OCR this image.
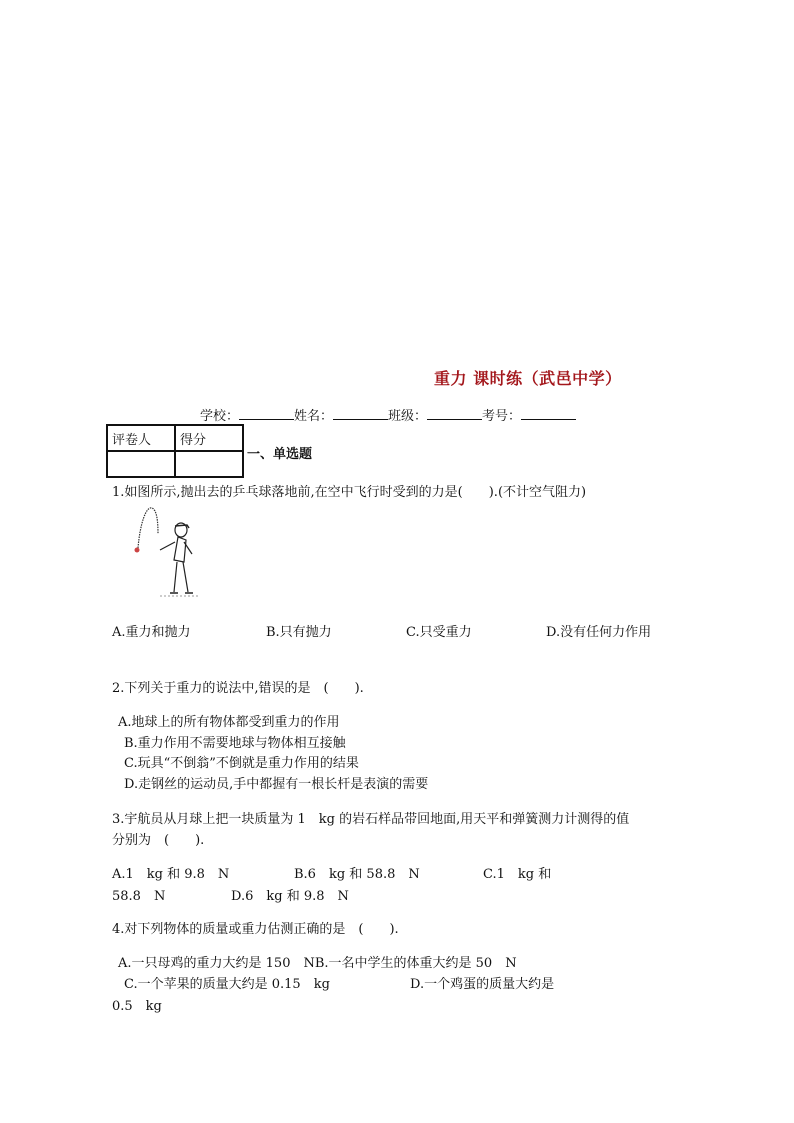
重力 课时练（武邑中学）
学校：	姓名：	班级：	考号：
评卷人	得分

一、单选题
1.如图所示,抛出去的乒乓球落地前,在空中飞行时受到的力是(　　).(不计空气阻力)
A.重力和抛力	B.只有抛力	C.只受重力	D.没有任何力作用
2.下列关于重力的说法中,错误的是　(　　).
A.地球上的所有物体都受到重力的作用
B.重力作用不需要地球与物体相互接触
C.玩具“不倒翁”不倒就是重力作用的结果
D.走钢丝的运动员,手中都握有一根长杆是表演的需要
3.宇航员从月球上把一块质量为 1　kg 的岩石样品带回地面,用天平和弹簧测力计测得的值
分别为　(　　).
A.1　kg 和 9.8　N	B.6　kg 和 58.8　N	C.1　kg 和
58.8　N	D.6　kg 和 9.8　N
4.对下列物体的质量或重力估测正确的是　(　　).
A.一只母鸡的重力大约是 150　NB.一名中学生的体重大约是 50　N
C.一个苹果的质量大约是 0.15　kg	D.一个鸡蛋的质量大约是
0.5　kg
